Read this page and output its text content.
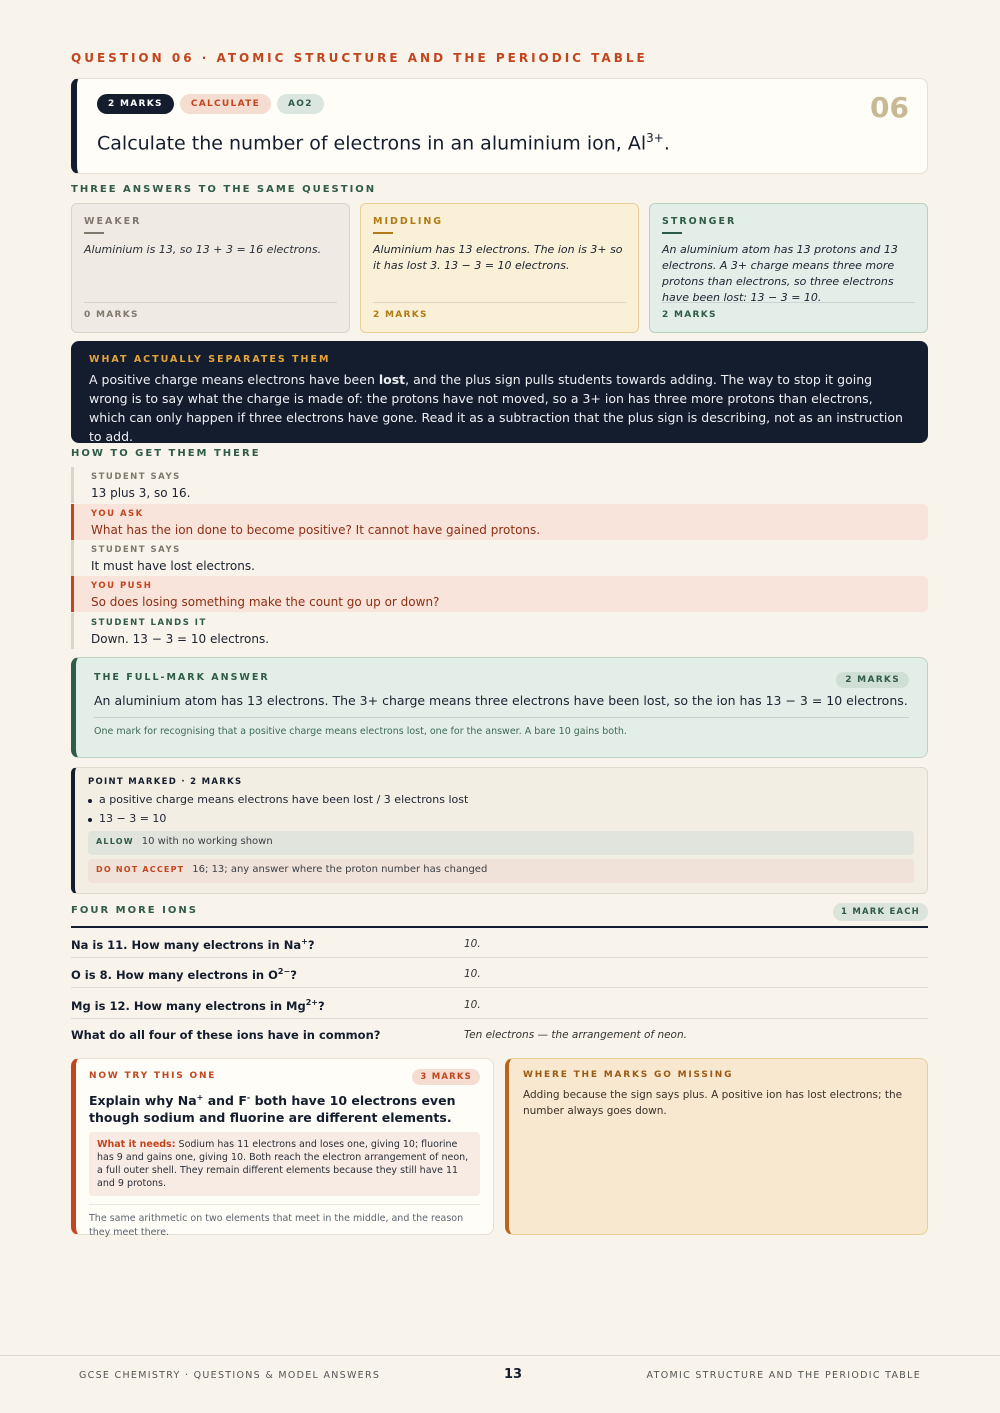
QUESTION 06 · ATOMIC STRUCTURE AND THE PERIODIC TABLE
2 MARKS	CALCULATE	AO2	06
Calculate the number of electrons in an aluminium ion, $Al^{3+}$.
THREE ANSWERS TO THE SAME QUESTION
WEAKER
Aluminium is 13, so 13 + 3 = 16 electrons.
0 MARKS
MIDDLING
Aluminium has 13 electrons. The ion is 3+ so it has lost 3. 13 − 3 = 10 electrons.
2 MARKS
STRONGER
An aluminium atom has 13 protons and 13 electrons. A 3+ charge means three more protons than electrons, so three electrons have been lost: 13 − 3 = 10.
2 MARKS
WHAT ACTUALLY SEPARATES THEM
A positive charge means electrons have been lost, and the plus sign pulls students towards adding. The way to stop it going wrong is to say what the charge is made of: the protons have not moved, so a 3+ ion has three more protons than electrons, which can only happen if three electrons have gone. Read it as a subtraction that the plus sign is describing, not as an instruction to add.
HOW TO GET THEM THERE
STUDENT SAYS
13 plus 3, so 16.
YOU ASK
What has the ion done to become positive? It cannot have gained protons.
STUDENT SAYS
It must have lost electrons.
YOU PUSH
So does losing something make the count go up or down?
STUDENT LANDS IT
Down. 13 − 3 = 10 electrons.
THE FULL-MARK ANSWER	2 MARKS
An aluminium atom has 13 electrons. The 3+ charge means three electrons have been lost, so the ion has 13 − 3 = 10 electrons.
One mark for recognising that a positive charge means electrons lost, one for the answer. A bare 10 gains both.
POINT MARKED · 2 MARKS
a positive charge means electrons have been lost / 3 electrons lost
13 − 3 = 10
ALLOW 10 with no working shown
DO NOT ACCEPT 16; 13; any answer where the proton number has changed
FOUR MORE IONS	1 MARK EACH
Na is 11. How many electrons in Na+?	10.
O is 8. How many electrons in $O^{2-}$?	10.
Mg is 12. How many electrons in $Mg^{2+}$?	10.
What do all four of these ions have in common?	Ten electrons — the arrangement of neon.
NOW TRY THIS ONE	3 MARKS
Explain why Na+ and F- both have 10 electrons even though sodium and fluorine are different elements.
What it needs: Sodium has 11 electrons and loses one, giving 10; fluorine has 9 and gains one, giving 10. Both reach the electron arrangement of neon, a full outer shell. They remain different elements because they still have 11 and 9 protons.
The same arithmetic on two elements that meet in the middle, and the reason they meet there.
WHERE THE MARKS GO MISSING
Adding because the sign says plus. A positive ion has lost electrons; the number always goes down.
GCSE CHEMISTRY · QUESTIONS & MODEL ANSWERS	13	ATOMIC STRUCTURE AND THE PERIODIC TABLE
